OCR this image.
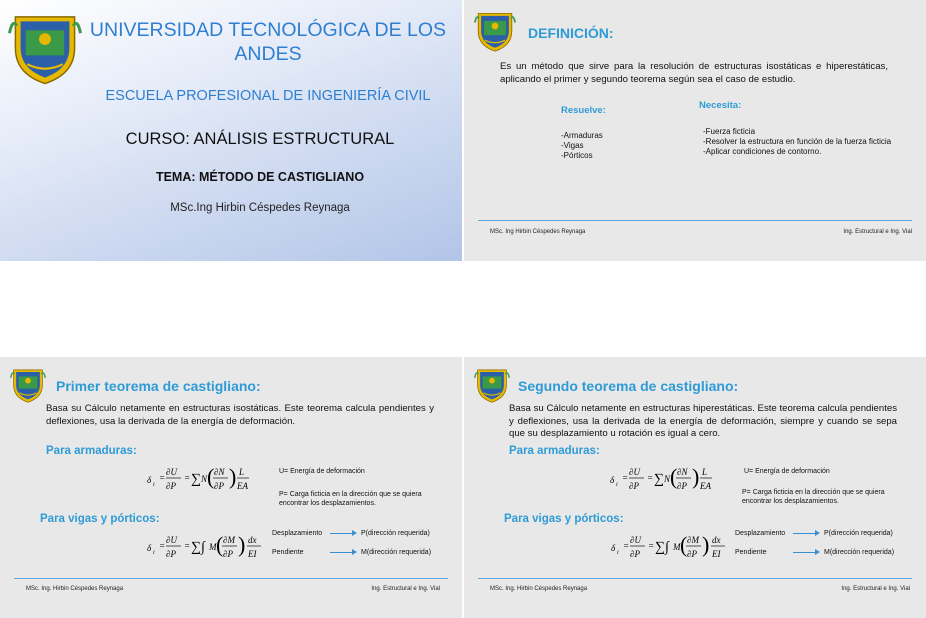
UNIVERSIDAD TECNOLÓGICA DE LOS
ANDES
ESCUELA PROFESIONAL DE INGENIERÍA CIVIL
CURSO: ANÁLISIS ESTRUCTURAL
TEMA: MÉTODO DE CASTIGLIANO
MSc.Ing Hirbin Céspedes Reynaga
DEFINICIÓN:
Es un método que sirve para la resolución de estructuras isostáticas e hiperestáticas, aplicando el primer y segundo teorema según sea el caso de estudio.
Resuelve:
-Armaduras
-Vigas
-Pórticos
Necesita:
-Fuerza ficticia
-Resolver la estructura en función de la fuerza ficticia
-Aplicar condiciones de contorno.
MSc. Ing Hirbin Céspedes Reynaga	Ing. Estructural e Ing. Vial
Primer teorema de castigliano:
Basa su Cálculo netamente en estructuras isostáticas. Este teorema calcula pendientes y deflexiones, usa la derivada de la energía de deformación.
Para armaduras:
δ i
=
∂U
∂P
= ∑ N ( ∂N
∂P ) L
EA
U= Energía de deformación
P= Carga ficticia en la dirección que se quiera encontrar los desplazamientos.
Para vigas y pórticos:
δ i
=
∂U
∂P
= ∑∫ M ( ∂M
∂P ) dx
EI
Desplazamiento	P(dirección requerida)
Pendiente	M(dirección requerida)
MSc. Ing. Hirbin Céspedes Reynaga	Ing. Estructural e Ing. Vial
Segundo teorema de castigliano:
Basa su Cálculo netamente en estructuras hiperestáticas. Este teorema calcula pendientes y deflexiones, usa la derivada de la energía de deformación, siempre y cuando se sepa que su desplazamiento u rotación es igual a cero.
Para armaduras:
δ i
=
∂U
∂P
= ∑ N ( ∂N
∂P ) L
EA
U= Energía de deformación
P= Carga ficticia en la dirección que se quiera encontrar los desplazamientos.
Para vigas y pórticos:
δ i
=
∂U
∂P
= ∑∫ M ( ∂M
∂P ) dx
EI
Desplazamiento	P(dirección requerida)
Pendiente	M(dirección requerida)
MSc. Ing. Hirbin Céspedes Reynaga	Ing. Estructural e Ing. Vial
